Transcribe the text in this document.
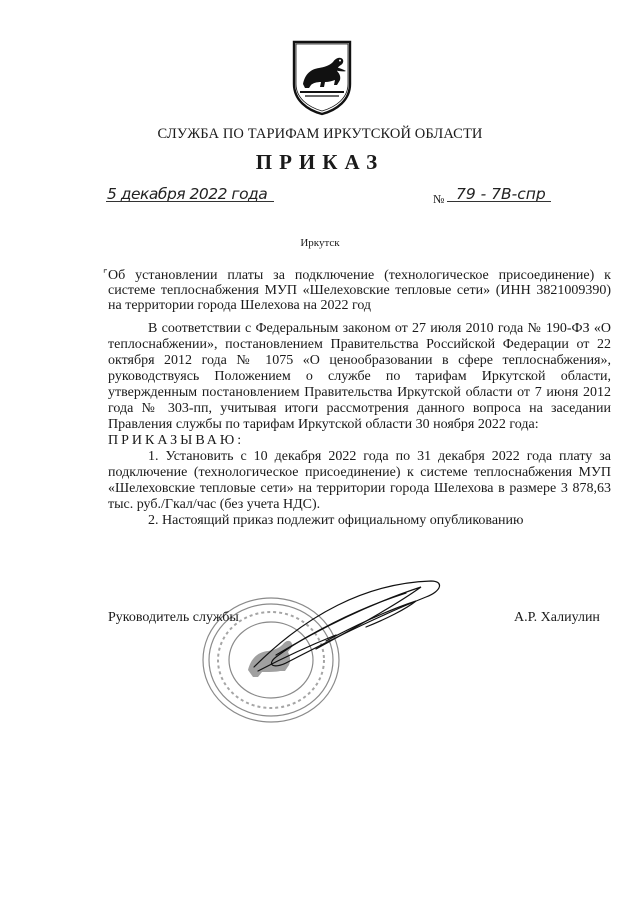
СЛУЖБА ПО ТАРИФАМ ИРКУТСКОЙ ОБЛАСТИ
ПРИКАЗ
5 декабря 2022 года	№ 79 - 7В-спр
Иркутск
⌜ Об установлении платы за подключение (технологическое присоединение) к системе теплоснабжения МУП «Шелеховские тепловые сети» (ИНН 3821009390) на территории города Шелехова на 2022 год

В соответствии с Федеральным законом от 27 июля 2010 года № 190-ФЗ «О теплоснабжении», постановлением Правительства Российской Федерации от 22 октября 2012 года № 1075 «О ценообразовании в сфере теплоснабжения», руководствуясь Положением о службе по тарифам Иркутской области, утвержденным постановлением Правительства Иркутской области от 7 июня 2012 года № 303-пп, учитывая итоги рассмотрения данного вопроса на заседании Правления службы по тарифам Иркутской области 30 ноября 2022 года:

ПРИКАЗЫВАЮ:

1. Установить с 10 декабря 2022 года по 31 декабря 2022 года плату за подключение (технологическое присоединение) к системе теплоснабжения МУП «Шелеховские тепловые сети» на территории города Шелехова в размере 3 878,63 тыс. руб./Гкал/час (без учета НДС).

2. Настоящий приказ подлежит официальному опубликованию

Руководитель службы	А.Р. Халиулин
